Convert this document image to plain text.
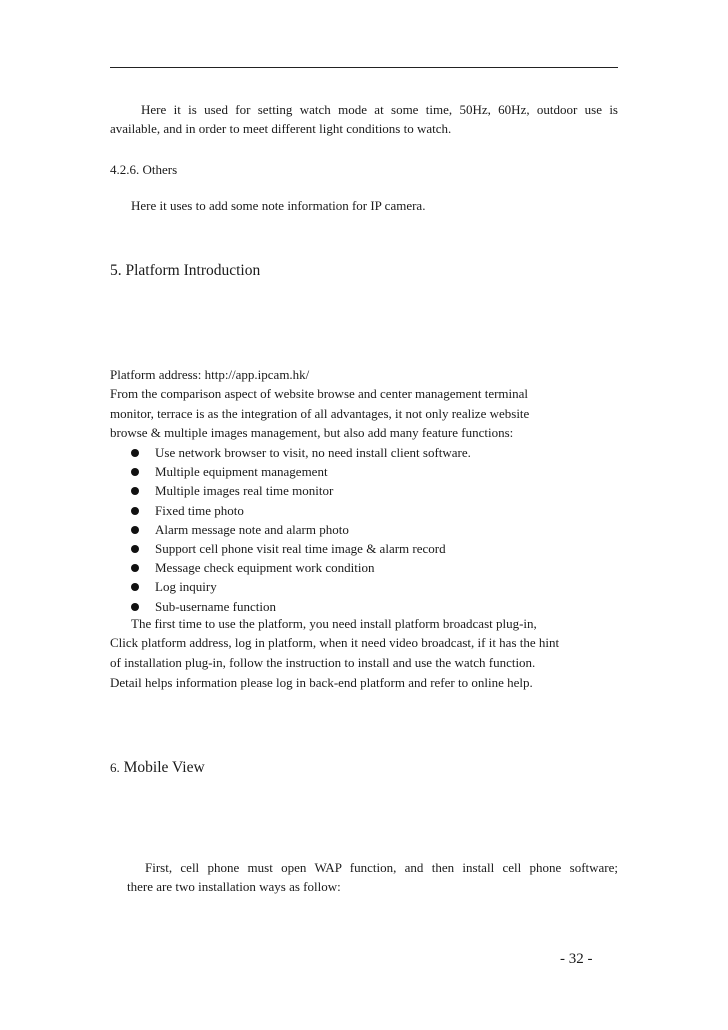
Here it is used for setting watch mode at some time, 50Hz, 60Hz, outdoor use is
available, and in order to meet different light conditions to watch.
4.2.6. Others
Here it uses to add some note information for IP camera.
5. Platform Introduction
Platform address: http://app.ipcam.hk/
From the comparison aspect of website browse and center management terminal
monitor, terrace is as the integration of all advantages, it not only realize website
browse & multiple images management, but also add many feature functions:
Use network browser to visit, no need install client software.
Multiple equipment management
Multiple images real time monitor
Fixed time photo
Alarm message note and alarm photo
Support cell phone visit real time image & alarm record
Message check equipment work condition
Log inquiry
Sub-username function
The first time to use the platform, you need install platform broadcast plug-in,
Click platform address, log in platform, when it need video broadcast, if it has the hint
of installation plug-in, follow the instruction to install and use the watch function.
Detail helps information please log in back-end platform and refer to online help.
6. Mobile View
First, cell phone must open WAP function, and then install cell phone software;
there are two installation ways as follow:
- 32 -
